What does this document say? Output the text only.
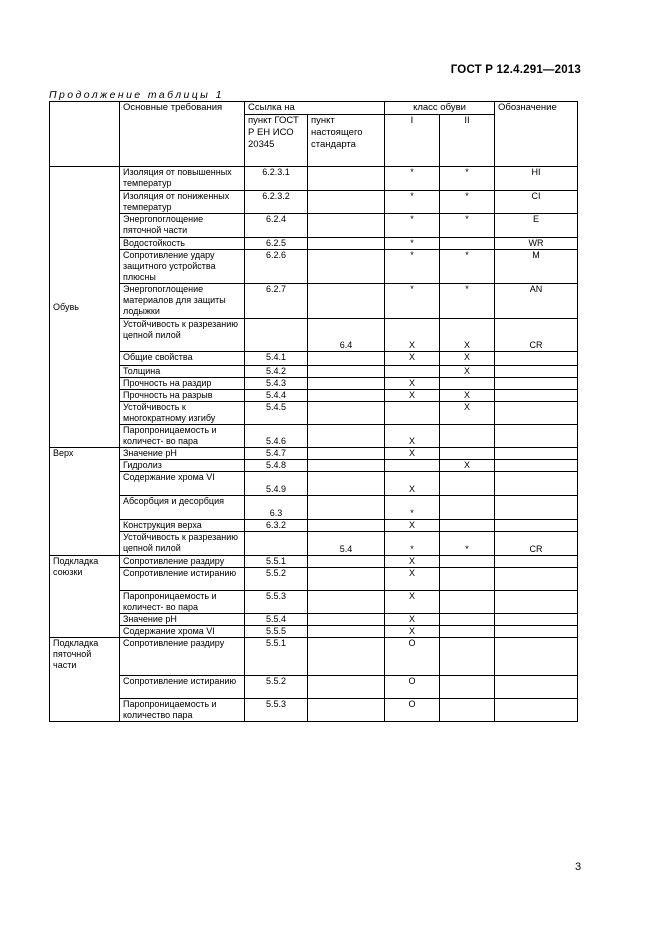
ГОСТ Р 12.4.291—2013
Продолжение таблицы 1
	Основные требования	Ссылка на		класс обуви		Обозначение
		пункт ГОСТ Р ЕН ИСО 20345	пункт настоящего стандарта	I	II	
Обувь	Изоляция от повышенных температур	6.2.3.1		*	*	HI
	Изоляция от пониженных температур	6.2.3.2		*	*	CI
	Энергопоглощение пяточной части	6.2.4		*	*	E
	Водостойкость	6.2.5		*		WR
	Сопротивление удару защитного устройства плюсны	6.2.6		*	*	M
	Энергопоглощение материалов для защиты лодыжки	6.2.7		*	*	AN
	Устойчивость к разрезанию цепной пилой		6.4	X	X	CR
	Общие свойства	5.4.1		X	X	
	Толщина	5.4.2			X	
	Прочность на раздир	5.4.3		X		
	Прочность на разрыв	5.4.4		X	X	
	Устойчивость к многократному изгибу	5.4.5			X	
	Паропроницаемость и количест- во пара	5.4.6		X		
Верх	Значение pH	5.4.7		X		
	Гидролиз	5.4.8			X	
	Содержание хрома VI	5.4.9		X		
	Абсорбция и десорбция	6.3		*		
	Конструкция верха	6.3.2		X		
	Устойчивость к разрезанию цепной пилой		5.4	*	*	CR
Подкладка союзки	Сопротивление раздиру	5.5.1		X		
	Сопротивление истиранию	5.5.2		X		
	Паропроницаемость и количест- во пара	5.5.3		X		
	Значение pH	5.5.4		X		
	Содержание хрома VI	5.5.5		X		
Подкладка пяточной части	Сопротивление раздиру	5.5.1		O		
	Сопротивление истиранию	5.5.2		O		
	Паропроницаемость и количество пара	5.5.3		O		
3
